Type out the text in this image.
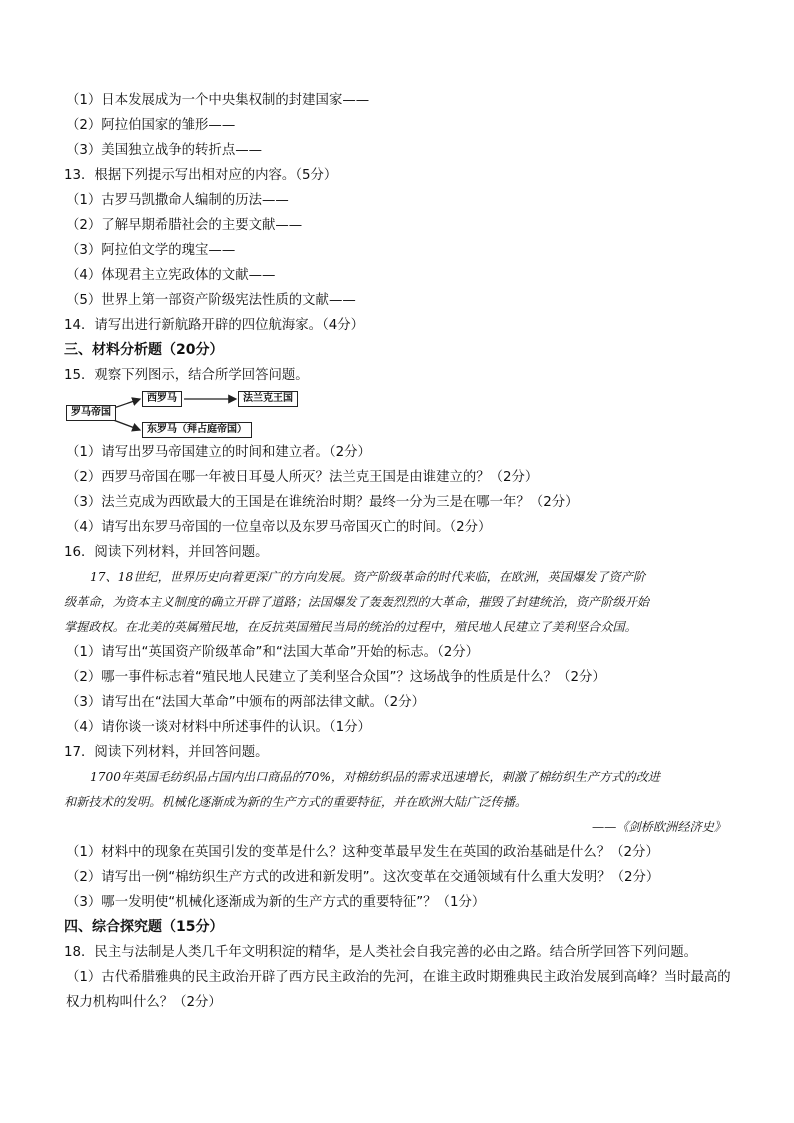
（1）日本发展成为一个中央集权制的封建国家——
（2）阿拉伯国家的雏形——
（3）美国独立战争的转折点——
13．根据下列提示写出相对应的内容。（5分）
（1）古罗马凯撒命人编制的历法——
（2）了解早期希腊社会的主要文献——
（3）阿拉伯文学的瑰宝——
（4）体现君主立宪政体的文献——
（5）世界上第一部资产阶级宪法性质的文献——
14．请写出进行新航路开辟的四位航海家。（4分）
三、材料分析题（20分）
15．观察下列图示，结合所学回答问题。
罗马帝国
西罗马	法兰克王国
东罗马（拜占庭帝国）
（1）请写出罗马帝国建立的时间和建立者。（2分）
（2）西罗马帝国在哪一年被日耳曼人所灭？法兰克王国是由谁建立的？（2分）
（3）法兰克成为西欧最大的王国是在谁统治时期？最终一分为三是在哪一年？（2分）
（4）请写出东罗马帝国的一位皇帝以及东罗马帝国灭亡的时间。（2分）
16．阅读下列材料，并回答问题。
17、18世纪，世界历史向着更深广的方向发展。资产阶级革命的时代来临，在欧洲，英国爆发了资产阶
级革命，为资本主义制度的确立开辟了道路；法国爆发了轰轰烈烈的大革命，摧毁了封建统治，资产阶级开始
掌握政权。在北美的英属殖民地，在反抗英国殖民当局的统治的过程中，殖民地人民建立了美利坚合众国。
（1）请写出“英国资产阶级革命”和“法国大革命”开始的标志。（2分）
（2）哪一事件标志着“殖民地人民建立了美利坚合众国”？这场战争的性质是什么？（2分）
（3）请写出在“法国大革命”中颁布的两部法律文献。（2分）
（4）请你谈一谈对材料中所述事件的认识。（1分）
17．阅读下列材料，并回答问题。
1700年英国毛纺织品占国内出口商品的70%，对棉纺织品的需求迅速增长，刺激了棉纺织生产方式的改进
和新技术的发明。机械化逐渐成为新的生产方式的重要特征，并在欧洲大陆广泛传播。
——《剑桥欧洲经济史》
（1）材料中的现象在英国引发的变革是什么？这种变革最早发生在英国的政治基础是什么？（2分）
（2）请写出一例“棉纺织生产方式的改进和新发明”。这次变革在交通领域有什么重大发明？（2分）
（3）哪一发明使“机械化逐渐成为新的生产方式的重要特征”？（1分）
四、综合探究题（15分）
18．民主与法制是人类几千年文明积淀的精华，是人类社会自我完善的必由之路。结合所学回答下列问题。
（1）古代希腊雅典的民主政治开辟了西方民主政治的先河，在谁主政时期雅典民主政治发展到高峰？当时最高的权力机构叫什么？（2分）
